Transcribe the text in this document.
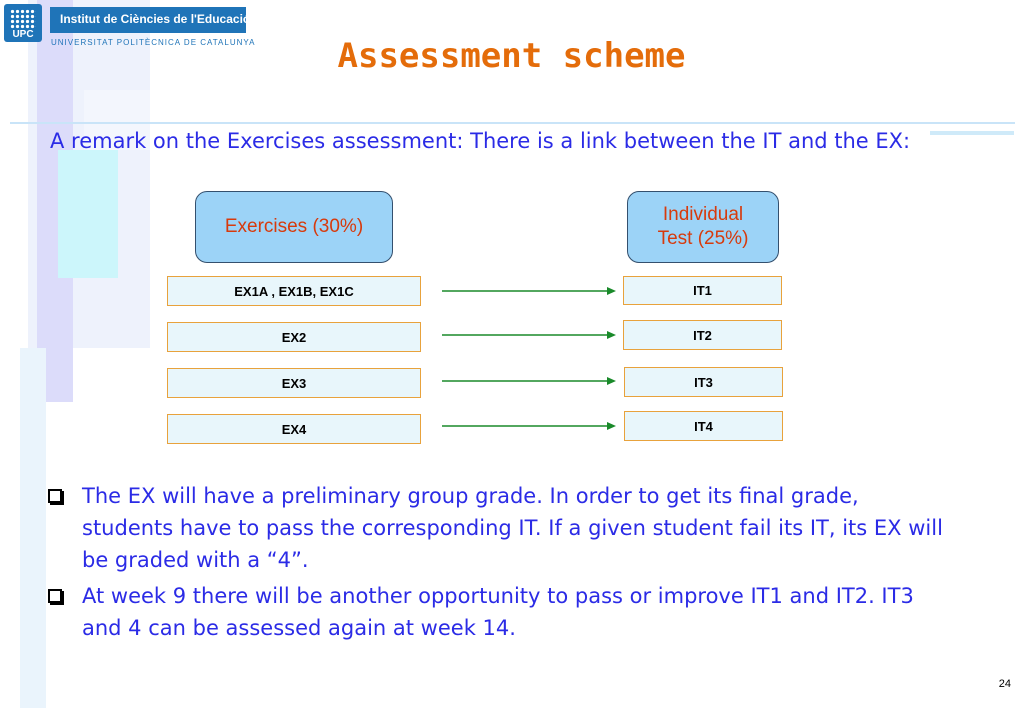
UPC
Institut de Ciències de l'Educació
UNIVERSITAT POLITÈCNICA DE CATALUNYA	Assessment scheme
A remark on the Exercises assessment: There is a link between the IT and the EX:
Exercises (30%)
Individual Test (25%)
EX1A , EX1B, EX1C
EX2
EX3
EX4
IT1
IT2
IT3
IT4
The EX will have a preliminary group grade. In order to get its final grade, students have to pass the corresponding IT. If a given student fail its IT, its EX will be graded with a “4”.
At week 9 there will be another opportunity to pass or improve IT1 and IT2. IT3 and 4 can be assessed again at week 14.
24
